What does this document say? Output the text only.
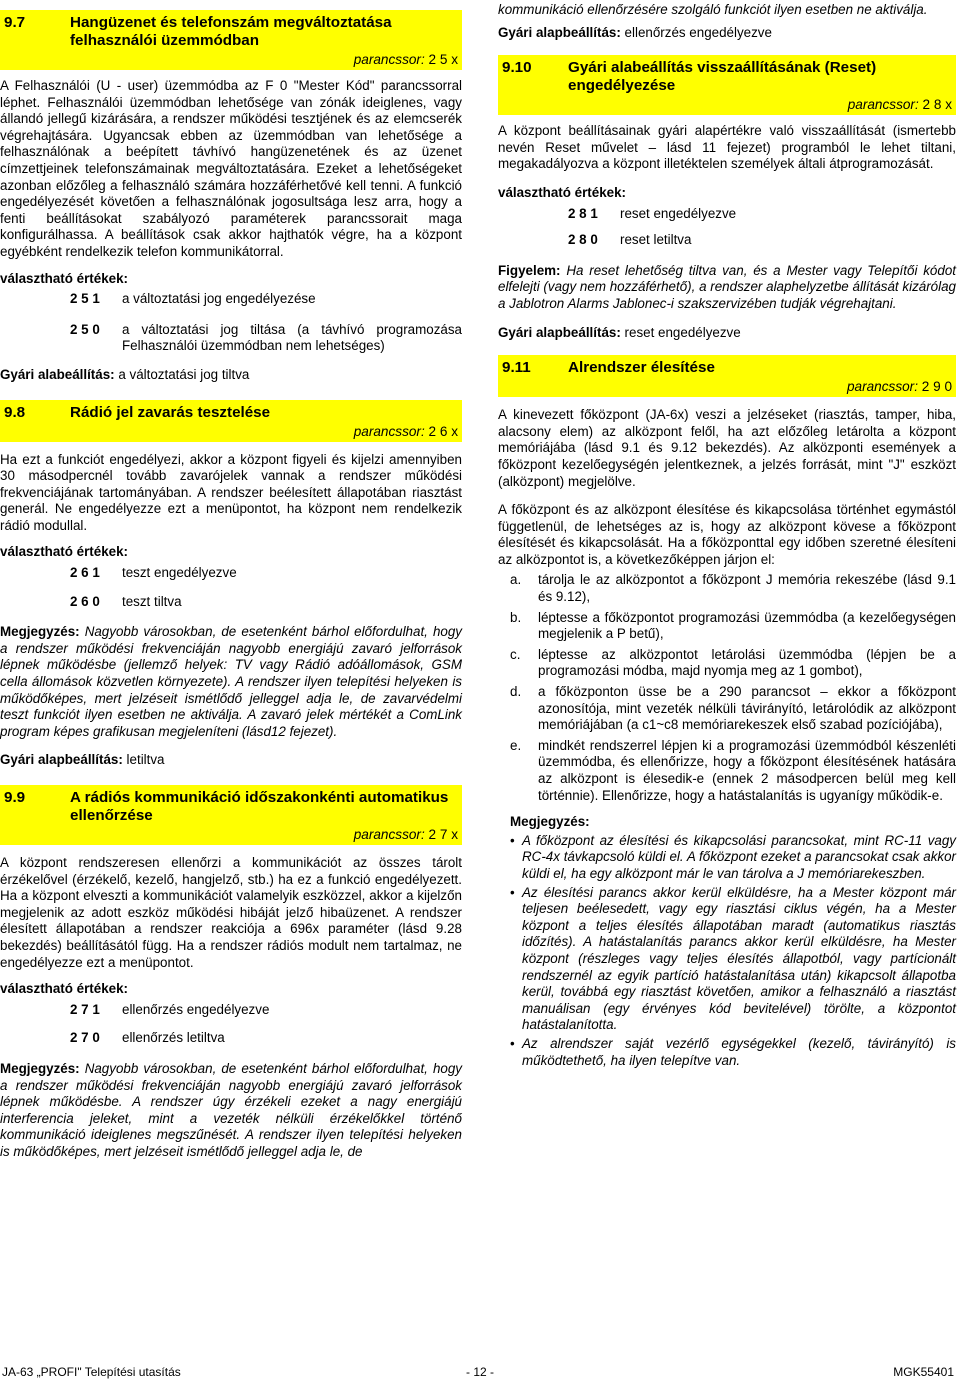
9.7	Hangüzenet és telefonszám megváltoztatása felhasználói üzemmódban
parancssor: 2 5 x

A Felhasználói (U - user) üzemmódba az F 0 "Mester Kód" parancssorral léphet. Felhasználói üzemmódban lehetősége van zónák ideiglenes, vagy állandó jellegű kizárására, a rendszer működési tesztjének és az elemcserék végrehajtására. Ugyancsak ebben az üzemmódban van lehetősége a felhasználónak a beépített távhívó hangüzenetének és az üzenet címzettjeinek telefonszámainak megváltoztatására. Ezeket a lehetőségeket azonban előzőleg a felhasználó számára hozzáférhetővé kell tenni. A funkció engedélyezését követően a felhasználónak jogosultsága lesz arra, hogy a fenti beállításokat szabályozó paraméterek parancssorait maga konfigurálhassa. A beállítások csak akkor hajthatók végre, ha a központ egyébként rendelkezik telefon kommunikátorral.

választható értékek:
2 5 1	a változtatási jog engedélyezése
2 5 0	a változtatási jog tiltása (a távhívó programozása Felhasználói üzemmódban nem lehetséges)
Gyári alabeállítás: a változtatási jog tiltva
9.8	Rádió jel zavarás tesztelése
parancssor: 2 6 x

Ha ezt a funkciót engedélyezi, akkor a központ figyeli és kijelzi amennyiben 30 másodpercnél tovább zavarójelek vannak a rendszer működési frekvenciájának tartományában. A rendszer beélesített állapotában riasztást generál. Ne engedélyezze ezt a menüpontot, ha központ nem rendelkezik rádió modullal.

választható értékek:
2 6 1	teszt engedélyezve
2 6 0	teszt tiltva

Megjegyzés: Nagyobb városokban, de esetenként bárhol előfordulhat, hogy a rendszer működési frekvenciáján nagyobb energiájú zavaró jelforrások lépnek működésbe (jellemző helyek: TV vagy Rádió adóállomások, GSM cella állomások közvetlen környezete). A rendszer ilyen telepítési helyeken is működőképes, mert jelzéseit ismétlődő jelleggel adja le, de zavarvédelmi teszt funkciót ilyen esetben ne aktiválja. A zavaró jelek mértékét a ComLink program képes grafikusan megjeleníteni (lásd12 fejezet).

Gyári alapbeállítás: letiltva
9.9	A rádiós kommunikáció időszakonkénti automatikus ellenőrzése
parancssor: 2 7 x

A központ rendszeresen ellenőrzi a kommunikációt az összes tárolt érzékelővel (érzékelő, kezelő, hangjelző, stb.) ha ez a funkció engedélyezett. Ha a központ elveszti a kommunikációt valamelyik eszközzel, akkor a kijelzőn megjelenik az adott eszköz működési hibáját jelző hibaüzenet. A rendszer élesített állapotában a rendszer reakciója a 696x paraméter (lásd 9.28 bekezdés) beállításától függ. Ha a rendszer rádiós modult nem tartalmaz, ne engedélyezze ezt a menüpontot.

választható értékek:
2 7 1	ellenőrzés engedélyezve
2 7 0	ellenőrzés letiltva

Megjegyzés: Nagyobb városokban, de esetenként bárhol előfordulhat, hogy a rendszer működési frekvenciáján nagyobb energiájú zavaró jelforrások lépnek működésbe. A rendszer úgy érzékeli ezeket a nagy energiájú interferencia jeleket, mint a vezeték nélküli érzékelőkkel történő kommunikáció ideiglenes megszűnését. A rendszer ilyen telepítési helyeken is működőképes, mert jelzéseit ismétlődő jelleggel adja le, de

kommunikáció ellenőrzésére szolgáló funkciót ilyen esetben ne aktiválja.

Gyári alapbeállítás: ellenőrzés engedélyezve
9.10	Gyári alabeállítás visszaállításának (Reset) engedélyezése
parancssor: 2 8 x

A központ beállításainak gyári alapértékre való visszaállítását (ismertebb nevén Reset művelet – lásd 11 fejezet) programból le lehet tiltani, megakadályozva a központ illetéktelen személyek általi átprogramozását.

választható értékek:
2 8 1	reset engedélyezve
2 8 0	reset letiltva

Figyelem: Ha reset lehetőség tiltva van, és a Mester vagy Telepítői kódot elfelejti (vagy nem hozzáférhető), a rendszer alaphelyzetbe állítását kizárólag a Jablotron Alarms Jablonec-i szakszervizében tudják végrehajtani.

Gyári alapbeállítás: reset engedélyezve
9.11	Alrendszer élesítése
parancssor: 2 9 0

A kinevezett főközpont (JA-6x) veszi a jelzéseket (riasztás, tamper, hiba, alacsony elem) az alközpont felől, ha azt előzőleg letárolta a központ memóriájába (lásd 9.1 és 9.12 bekezdés). Az alközponti események a főközpont kezelőegységén jelentkeznek, a jelzés forrását, mint "J" eszközt (alközpont) megjelölve.

A főközpont és az alközpont élesítése és kikapcsolása történhet egymástól függetlenül, de lehetséges az is, hogy az alközpont kövese a főközpont élesítését és kikapcsolását. Ha a főközponttal egy időben szeretné élesíteni az alközpontot is, a következőképpen járjon el:

a.	tárolja le az alközpontot a főközpont J memória rekeszébe (lásd 9.1 és 9.12),
b.	léptesse a főközpontot programozási üzemmódba (a kezelőegységen megjelenik a P betű),
c.	léptesse az alközpontot letárolási üzemmódba (lépjen be a programozási módba, majd nyomja meg az 1 gombot),
d.	a főközponton üsse be a 290 parancsot – ekkor a főközpont azonosítója, mint vezeték nélküli távirányító, letárolódik az alközpont memóriájában (a c1~c8 memóriarekeszek első szabad pozíciójába),
e.	mindkét rendszerrel lépjen ki a programozási üzemmódból készenléti üzemmódba, és ellenőrizze, hogy a főközpont élesítésének hatására az alközpont is élesedik-e (ennek 2 másodpercen belül meg kell történnie). Ellenőrizze, hogy a hatástalanítás is ugyanígy működik-e.
Megjegyzés:
• A főközpont az élesítési és kikapcsolási parancsokat, mint RC-11 vagy RC-4x távkapcsoló küldi el. A főközpont ezeket a parancsokat csak akkor küldi el, ha egy alközpont már le van tárolva a J memóriarekeszben.
• Az élesítési parancs akkor kerül elküldésre, ha a Mester központ már teljesen beélesedett, vagy egy riasztási ciklus végén, ha a Mester központ a teljes élesítés állapotában maradt (automatikus riasztás időzítés). A hatástalanítás parancs akkor kerül elküldésre, ha Mester központ (részleges vagy teljes élesítés állapotból, vagy partícionált rendszernél az egyik partíció hatástalanítása után) kikapcsolt állapotba kerül, továbbá egy riasztást követően, amikor a felhasználó a riasztást manuálisan (egy érvényes kód bevitelével) törölte, a központot hatástalanította.
• Az alrendszer saját vezérlő egységekkel (kezelő, távirányító) is működtethető, ha ilyen telepítve van.
JA-63 „PROFI" Telepítési utasítás	- 12 -	MGK55401
